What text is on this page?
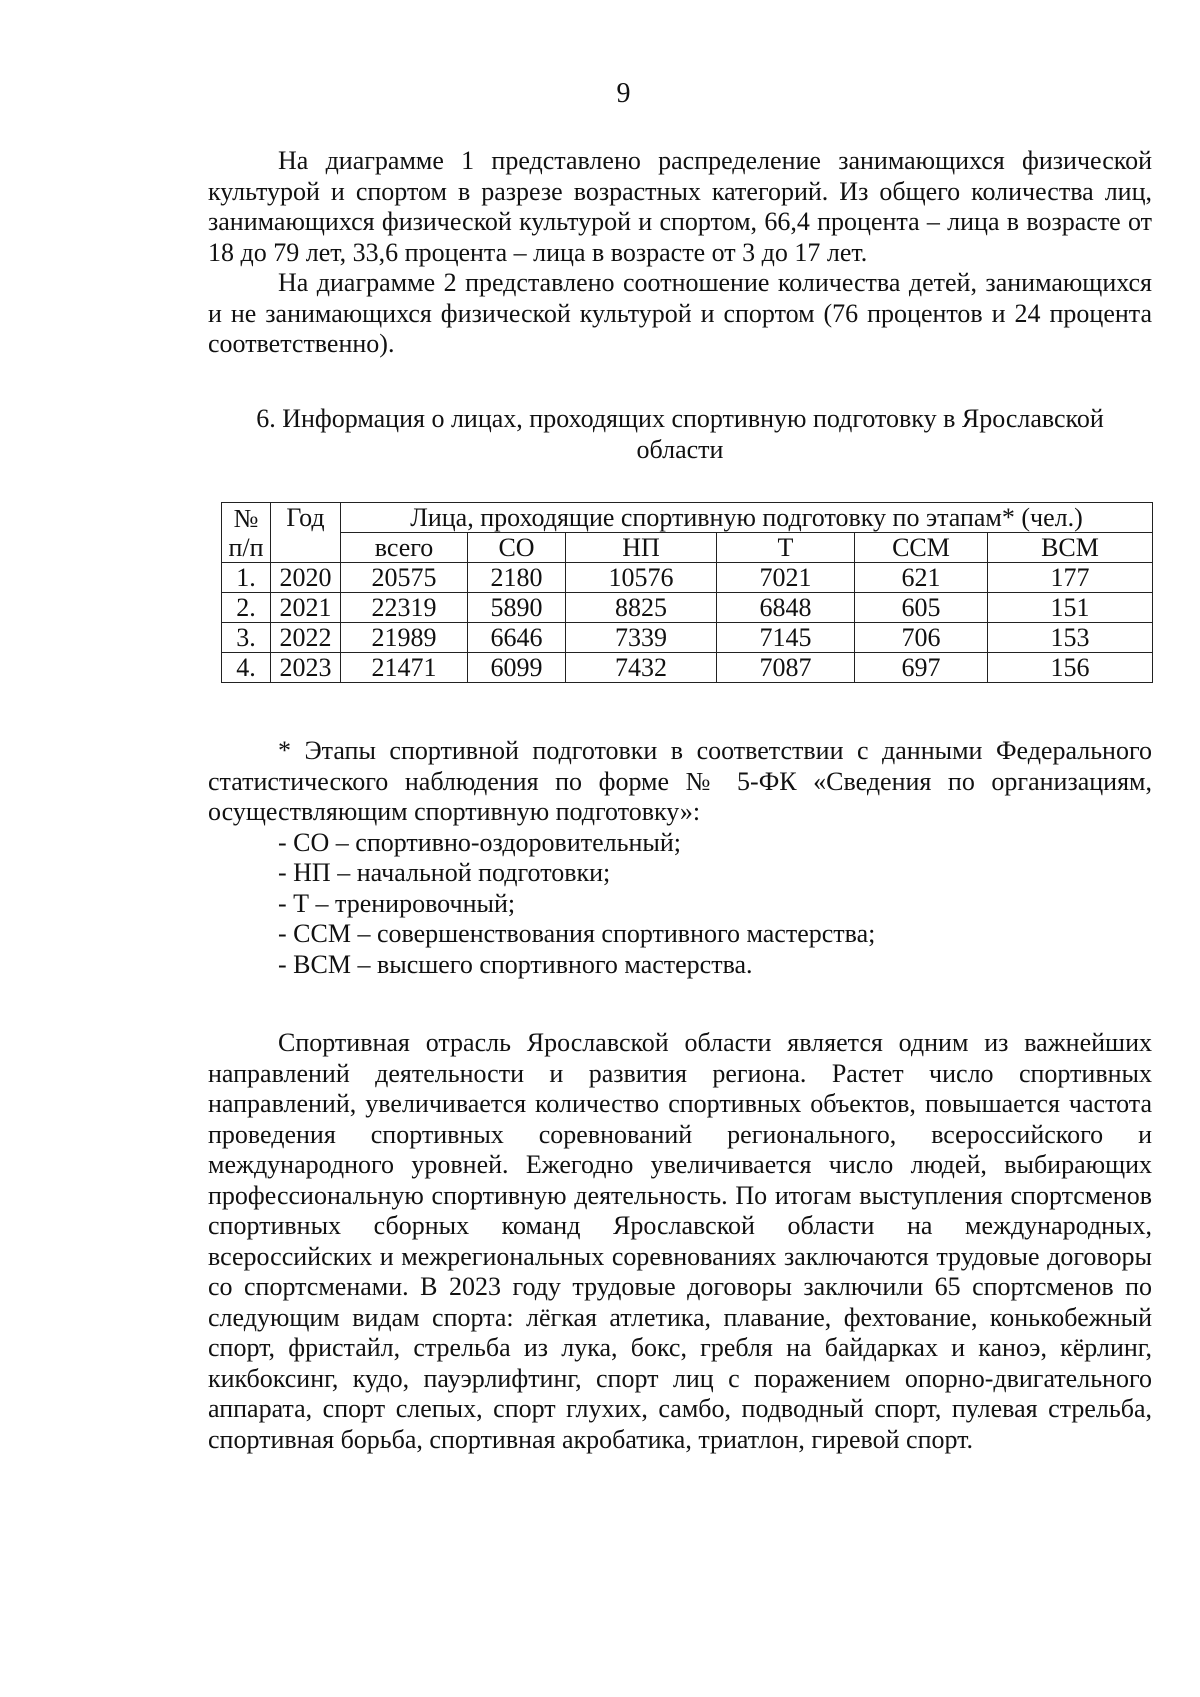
9

На диаграмме 1 представлено распределение занимающихся физической культурой и спортом в разрезе возрастных категорий. Из общего количества лиц, занимающихся физической культурой и спортом, 66,4 процента – лица в возрасте от 18 до 79 лет, 33,6 процента – лица в возрасте от 3 до 17 лет.

На диаграмме 2 представлено соотношение количества детей, занимающихся и не занимающихся физической культурой и спортом (76 процентов и 24 процента соответственно).

6. Информация о лицах, проходящих спортивную подготовку в Ярославской
области
№ п/п	Год	Лица, проходящие спортивную подготовку по этапам* (чел.)					
		всего	СО	НП	Т	ССМ	ВСМ
1.	2020	20575	2180	10576	7021	621	177
2.	2021	22319	5890	8825	6848	605	151
3.	2022	21989	6646	7339	7145	706	153
4.	2023	21471	6099	7432	7087	697	156

* Этапы спортивной подготовки в соответствии с данными Федерального статистического наблюдения по форме № 5-ФК «Сведения по организациям, осуществляющим спортивную подготовку»:

- СО – спортивно-оздоровительный;
- НП – начальной подготовки;
- Т – тренировочный;
- ССМ – совершенствования спортивного мастерства;
- ВСМ – высшего спортивного мастерства.

Спортивная отрасль Ярославской области является одним из важнейших направлений деятельности и развития региона. Растет число спортивных направлений, увеличивается количество спортивных объектов, повышается частота проведения спортивных соревнований регионального, всероссийского и международного уровней. Ежегодно увеличивается число людей, выбирающих профессиональную спортивную деятельность. По итогам выступления спортсменов спортивных сборных команд Ярославской области на международных, всероссийских и межрегиональных соревнованиях заключаются трудовые договоры со спортсменами. В 2023 году трудовые договоры заключили 65 спортсменов по следующим видам спорта: лёгкая атлетика, плавание, фехтование, конькобежный спорт, фристайл, стрельба из лука, бокс, гребля на байдарках и каноэ, кёрлинг, кикбоксинг, кудо, пауэрлифтинг, спорт лиц с поражением опорно-двигательного аппарата, спорт слепых, спорт глухих, самбо, подводный спорт, пулевая стрельба, спортивная борьба, спортивная акробатика, триатлон, гиревой спорт.
